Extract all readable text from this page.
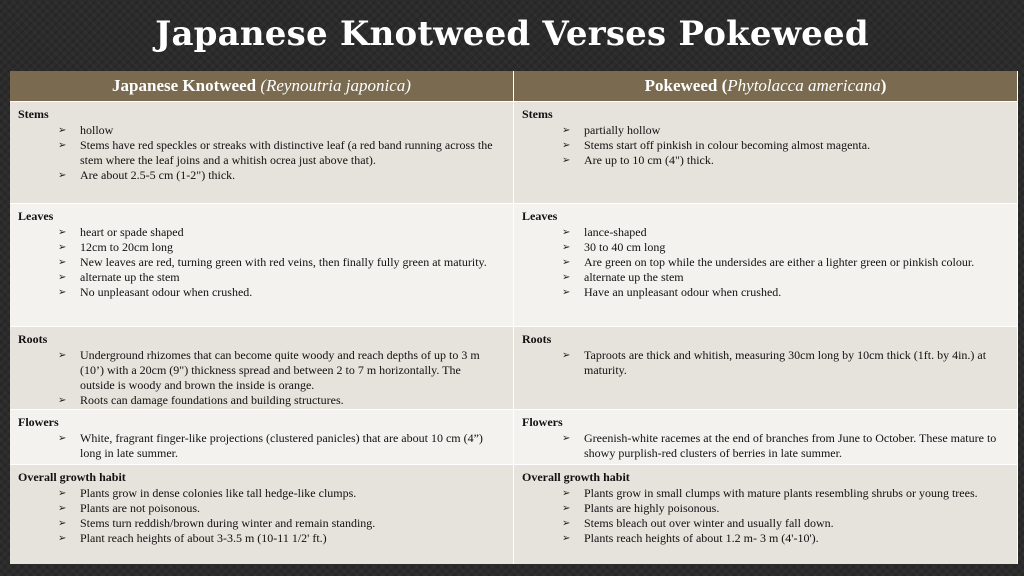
Japanese Knotweed Verses Pokeweed
Japanese Knotweed
(Reynoutria japonica)	Pokeweed
( Phytolacca americana )
Stems
➢ hollow
➢ Stems have red speckles or streaks with distinctive leaf (a red band running across the stem where the leaf joins and a whitish ocrea just above that).
➢ Are about 2.5-5 cm (1-2") thick.
Stems
➢ partially hollow
➢ Stems start off pinkish in colour becoming almost magenta.
➢ Are up to 10 cm (4") thick.
Leaves
➢ heart or spade shaped
➢ 12cm to 20cm long
➢ New leaves are red, turning green with red veins, then finally fully green at maturity.
➢ alternate up the stem
➢ No unpleasant odour when crushed.
Leaves
➢ lance-shaped
➢ 30 to 40 cm long
➢ Are green on top while the undersides are either a lighter green or pinkish colour.
➢ alternate up the stem
➢ Have an unpleasant odour when crushed.
Roots
➢ Underground rhizomes that can become quite woody and reach depths of up to 3 m (10’) with a 20cm (9") thickness spread and between 2 to 7 m horizontally. The outside is woody and brown the inside is orange.
➢ Roots can damage foundations and building structures.
Roots
➢ Taproots are thick and whitish, measuring 30cm long by 10cm thick (1ft. by 4in.) at maturity.
Flowers
➢ White, fragrant finger-like projections (clustered panicles) that are about 10 cm (4”) long in late summer.
Flowers
➢ Greenish-white racemes at the end of branches from June to October. These mature to showy purplish-red clusters of berries in late summer.
Overall growth habit
➢ Plants grow in dense colonies like tall hedge-like clumps.
➢ Plants are not poisonous.
➢ Stems turn reddish/brown during winter and remain standing.
➢ Plant reach heights of about 3-3.5 m (10-11 1/2' ft.)
Overall growth habit
➢ Plants grow in small clumps with mature plants resembling shrubs or young trees.
➢ Plants are highly poisonous.
➢ Stems bleach out over winter and usually fall down.
➢ Plants reach heights of about 1.2 m- 3 m (4'-10').
